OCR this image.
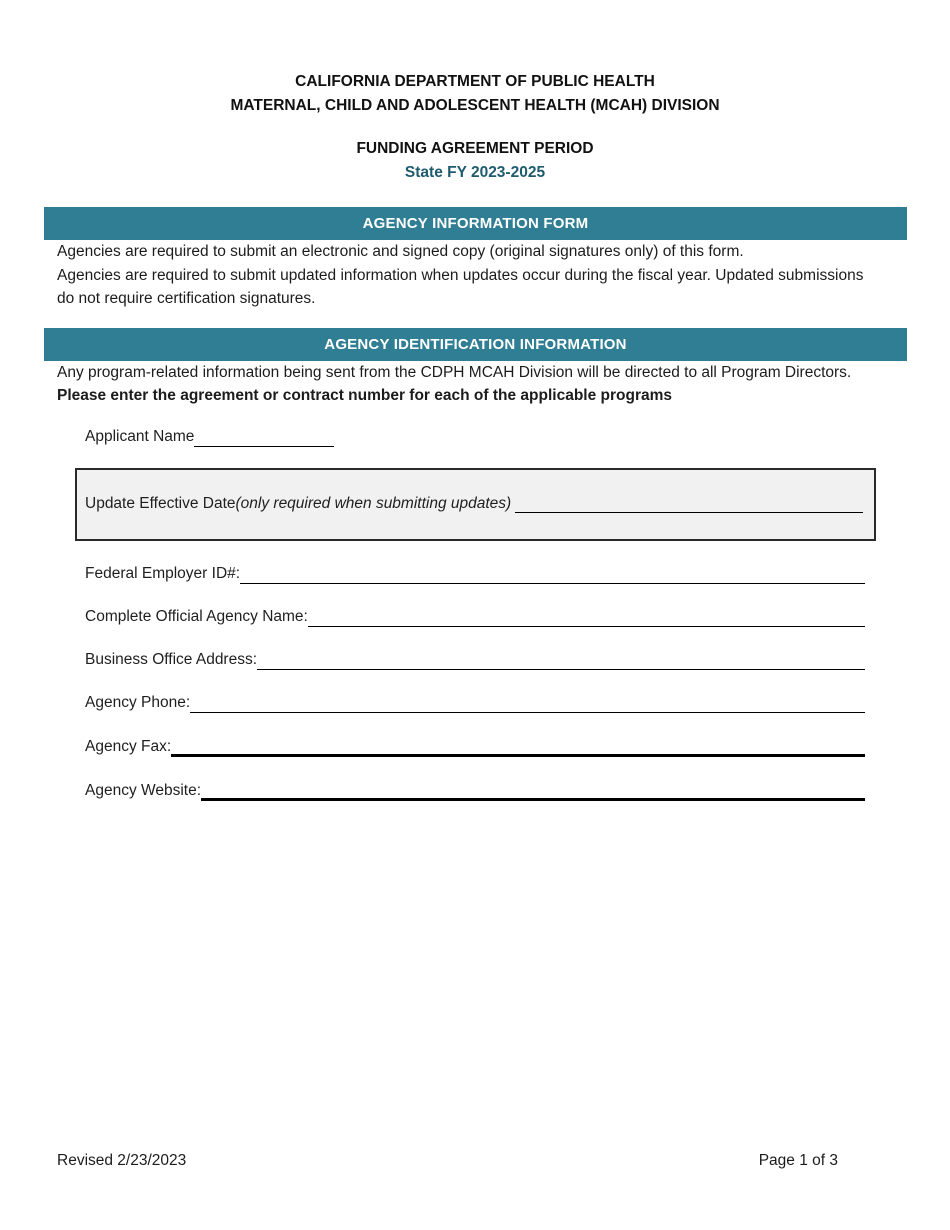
CALIFORNIA DEPARTMENT OF PUBLIC HEALTH
MATERNAL, CHILD AND ADOLESCENT HEALTH (MCAH) DIVISION
FUNDING AGREEMENT PERIOD
State FY 2023-2025
AGENCY INFORMATION FORM

Agencies are required to submit an electronic and signed copy (original signatures only) of this form.

Agencies are required to submit updated information when updates occur during the fiscal year. Updated submissions do not require certification signatures.

AGENCY IDENTIFICATION INFORMATION

Any program-related information being sent from the CDPH MCAH Division will be directed to all Program Directors.

Please enter the agreement or contract number for each of the applicable programs

Applicant Name
Update Effective Date (only required when submitting updates)
Federal Employer ID#:
Complete Official Agency Name:
Business Office Address:
Agency Phone:
Agency Fax:
Agency Website:
Revised 2/23/2023	Page 1 of 3
